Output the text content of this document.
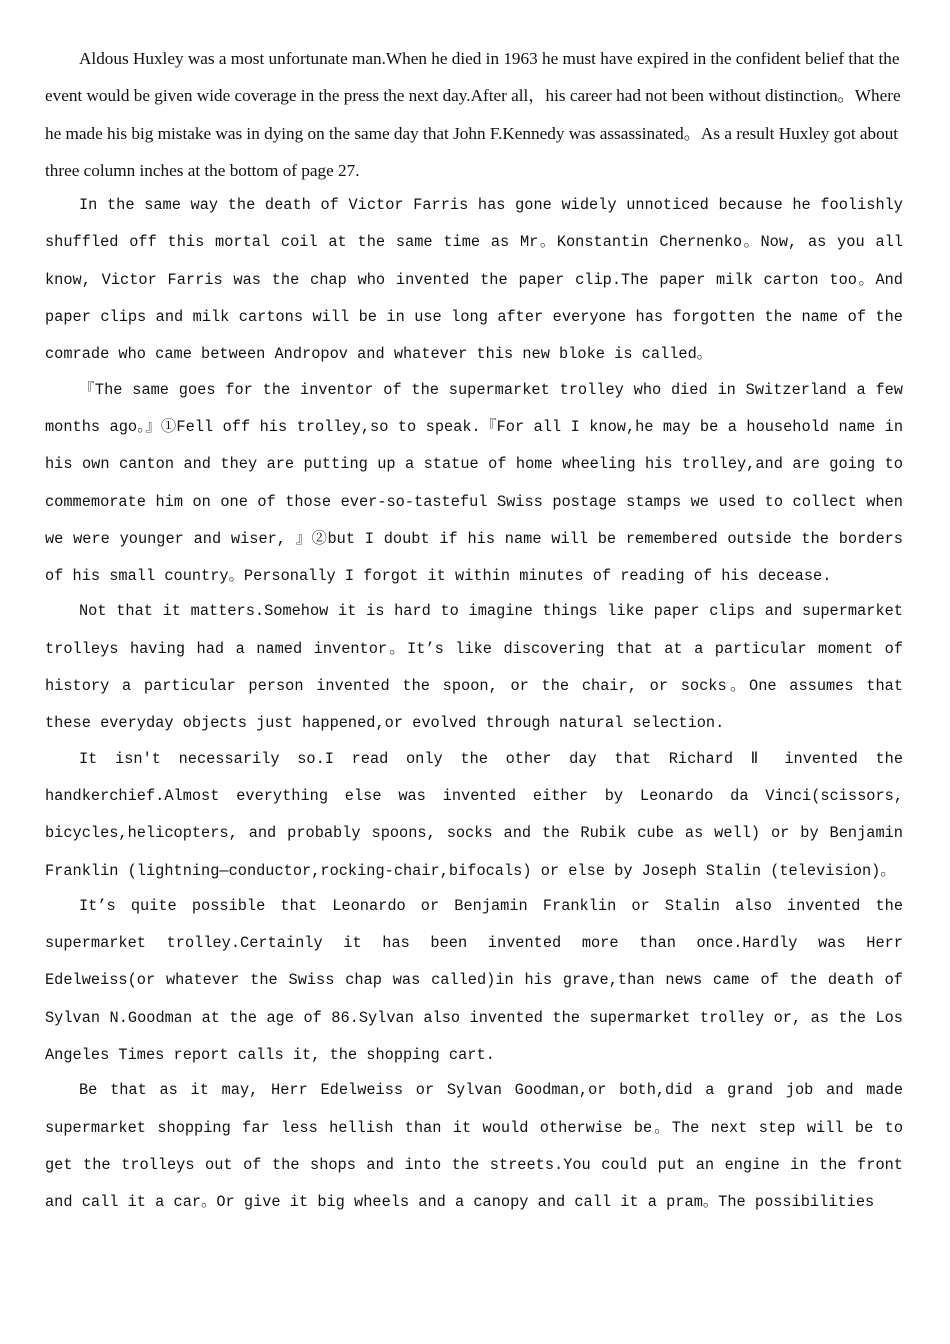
Aldous Huxley was a most unfortunate man.When he died in 1963 he must have expired in the confident belief that the event would be given wide coverage in the press the next day.After all，his career had not been without distinction。Where he made his big mistake was in dying on the same day that John F.Kennedy was assassinated。As a result Huxley got about three column inches at the bottom of page 27.

In the same way the death of Victor Farris has gone widely unnoticed because he foolishly shuffled off this mortal coil at the same time as Mr。Konstantin Chernenko。Now, as you all know, Victor Farris was the chap who invented the paper clip.The paper milk carton too。And paper clips and milk cartons will be in use long after everyone has forgotten the name of the comrade who came between Andropov and whatever this new bloke is called。

『The same goes for the inventor of the supermarket trolley who died in Switzerland a few months ago。』①Fell off his trolley,so to speak.『For all I know,he may be a household name in his own canton and they are putting up a statue of home wheeling his trolley,and are going to commemorate him on one of those ever-so-tasteful Swiss postage stamps we used to collect when we were younger and wiser, 』②but I doubt if his name will be remembered outside the borders of his small country。Personally I forgot it within minutes of reading of his decease.

Not that it matters.Somehow it is hard to imagine things like paper clips and supermarket trolleys having had a named inventor。It’s like discovering that at a particular moment of history a particular person invented the spoon, or the chair, or socks。One assumes that these everyday objects just happened,or evolved through natural selection.

It isn't necessarily so.I read only the other day that Richard Ⅱ invented the handkerchief.Almost everything else was invented either by Leonardo da Vinci(scissors, bicycles,helicopters, and probably spoons, socks and the Rubik cube as well) or by Benjamin Franklin (lightning—conductor,rocking-chair,bifocals) or else by Joseph Stalin (television)。

It’s quite possible that Leonardo or Benjamin Franklin or Stalin also invented the supermarket trolley.Certainly it has been invented more than once.Hardly was Herr Edelweiss(or whatever the Swiss chap was called)in his grave,than news came of the death of Sylvan N.Goodman at the age of 86.Sylvan also invented the supermarket trolley or, as the Los Angeles Times report calls it, the shopping cart.

Be that as it may, Herr Edelweiss or Sylvan Goodman,or both,did a grand job and made supermarket shopping far less hellish than it would otherwise be。The next step will be to get the trolleys out of the shops and into the streets.You could put an engine in the front and call it a car。Or give it big wheels and a canopy and call it a pram。The possibilities
